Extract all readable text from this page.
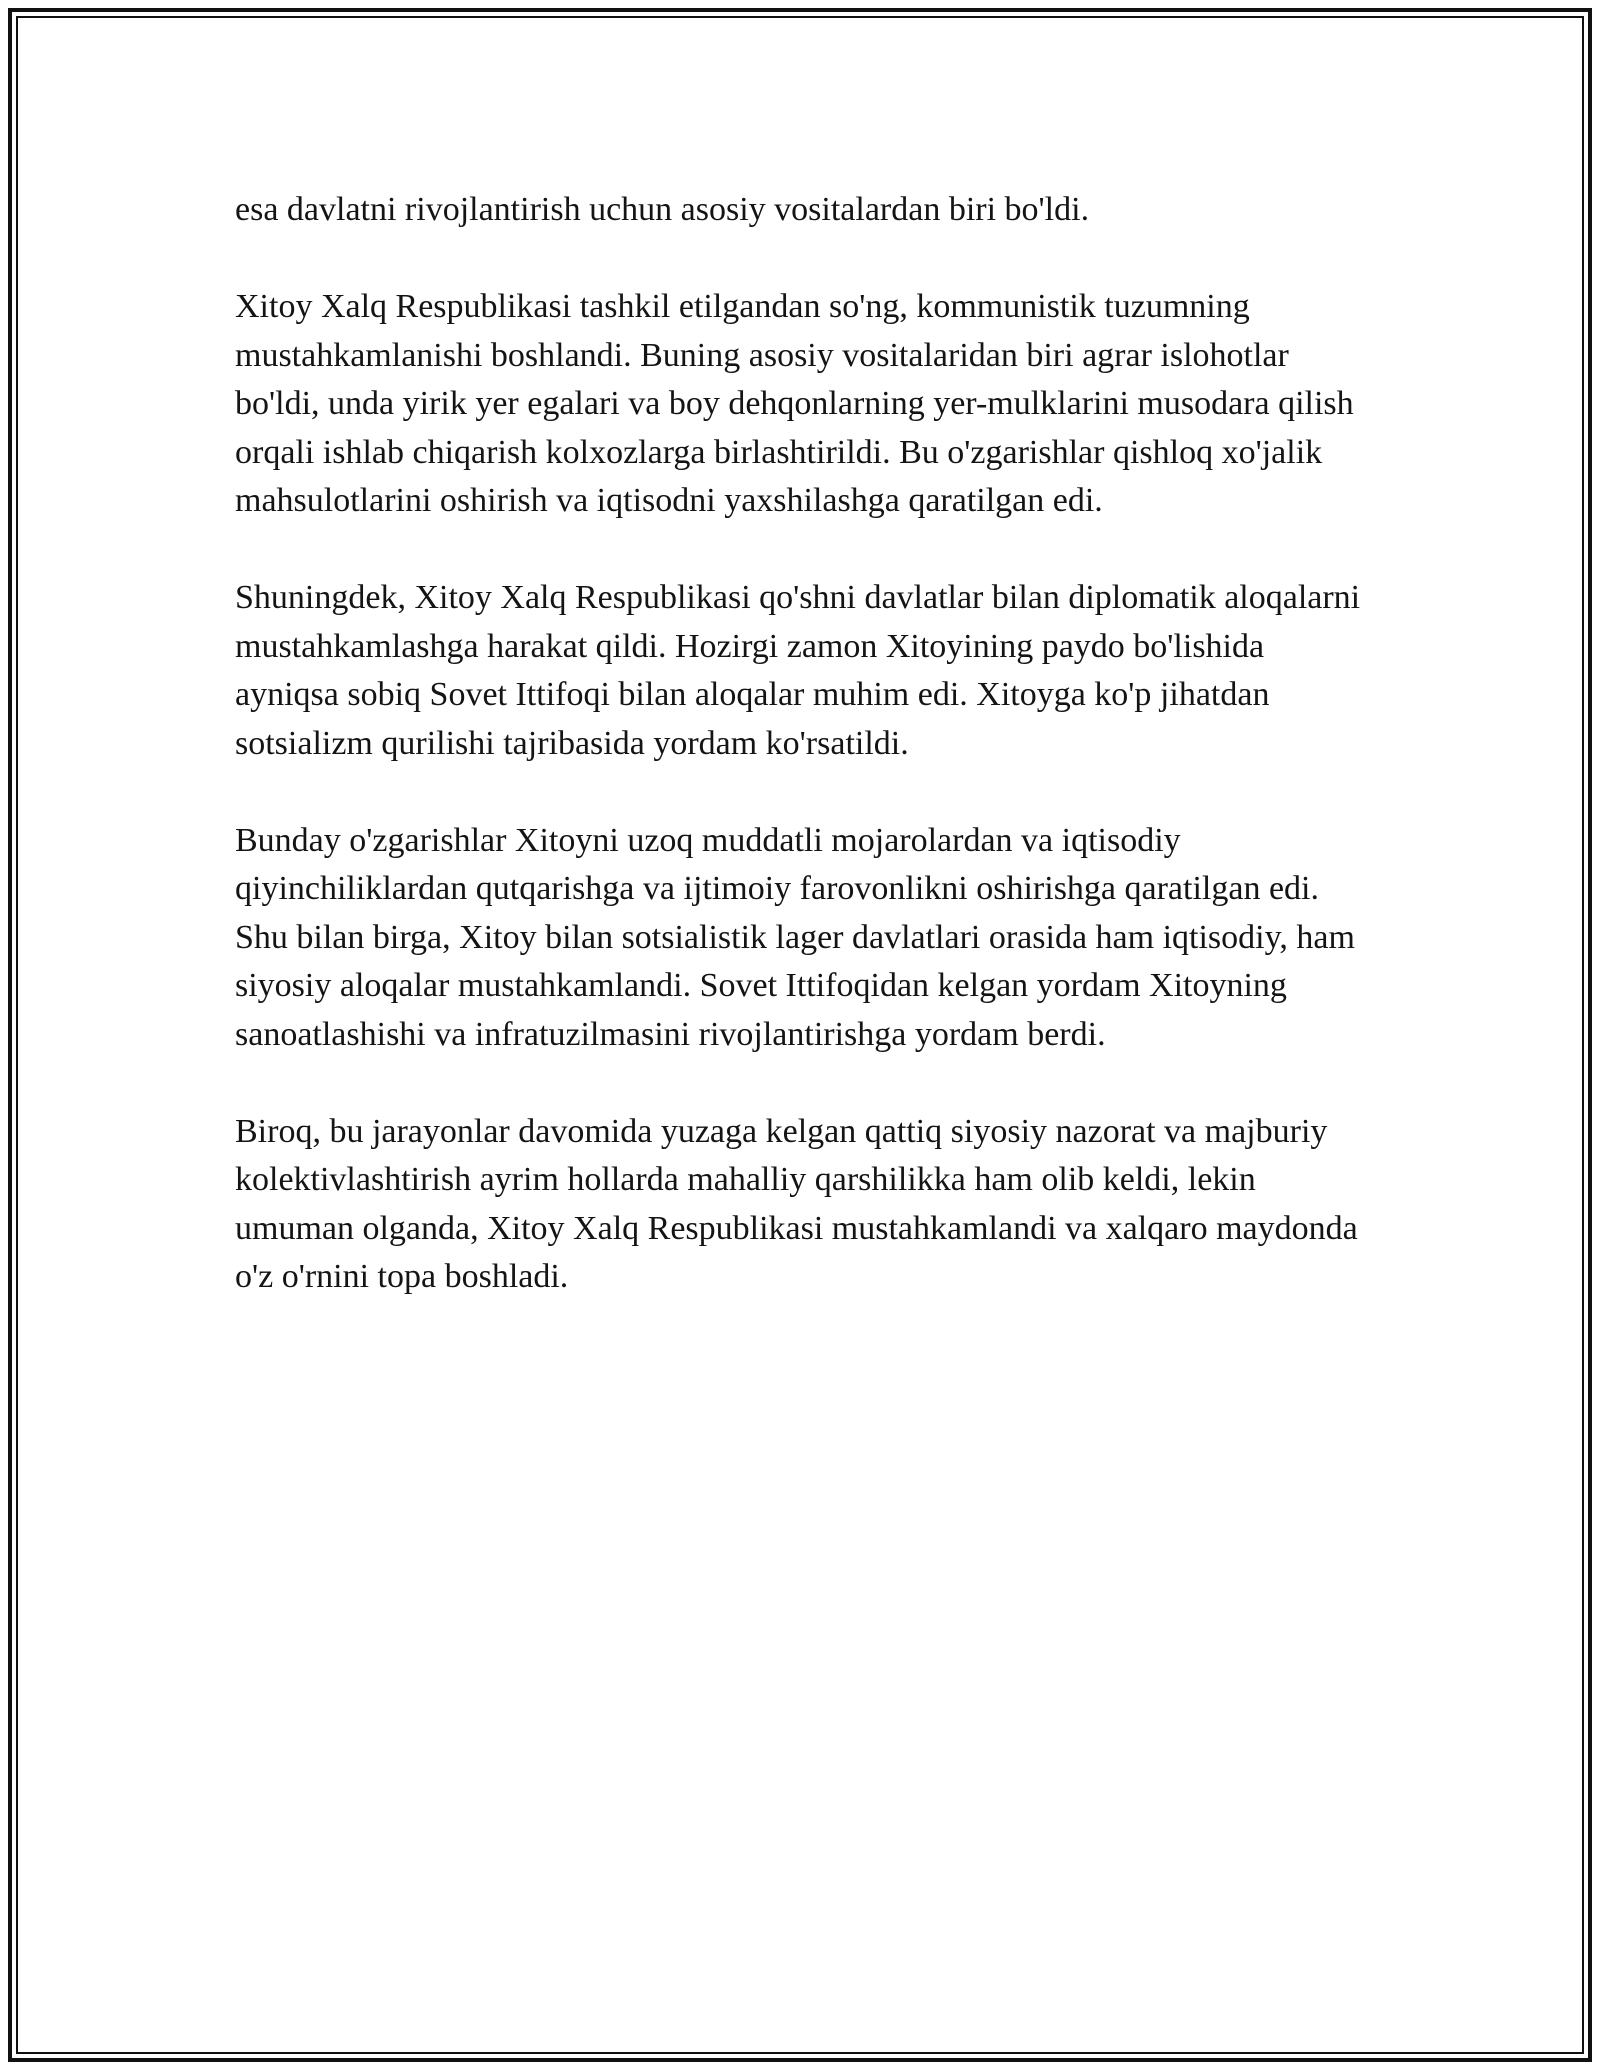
esa davlatni rivojlantirish uchun asosiy vositalardan biri bo'ldi.

Xitoy Xalq Respublikasi tashkil etilgandan so'ng, kommunistik tuzumning mustahkamlanishi boshlandi. Buning asosiy vositalaridan biri agrar islohotlar bo'ldi, unda yirik yer egalari va boy dehqonlarning yer-mulklarini musodara qilish orqali ishlab chiqarish kolxozlarga birlashtirildi. Bu o'zgarishlar qishloq xo'jalik mahsulotlarini oshirish va iqtisodni yaxshilashga qaratilgan edi.

Shuningdek, Xitoy Xalq Respublikasi qo'shni davlatlar bilan diplomatik aloqalarni mustahkamlashga harakat qildi. Hozirgi zamon Xitoyining paydo bo'lishida ayniqsa sobiq Sovet Ittifoqi bilan aloqalar muhim edi. Xitoyga ko'p jihatdan sotsializm qurilishi tajribasida yordam ko'rsatildi.

Bunday o'zgarishlar Xitoyni uzoq muddatli mojarolardan va iqtisodiy qiyinchiliklardan qutqarishga va ijtimoiy farovonlikni oshirishga qaratilgan edi. Shu bilan birga, Xitoy bilan sotsialistik lager davlatlari orasida ham iqtisodiy, ham siyosiy aloqalar mustahkamlandi. Sovet Ittifoqidan kelgan yordam Xitoyning sanoatlashishi va infratuzilmasini rivojlantirishga yordam berdi.

Biroq, bu jarayonlar davomida yuzaga kelgan qattiq siyosiy nazorat va majburiy kolektivlashtirish ayrim hollarda mahalliy qarshilikka ham olib keldi, lekin umuman olganda, Xitoy Xalq Respublikasi mustahkamlandi va xalqaro maydonda o'z o'rnini topa boshladi.
